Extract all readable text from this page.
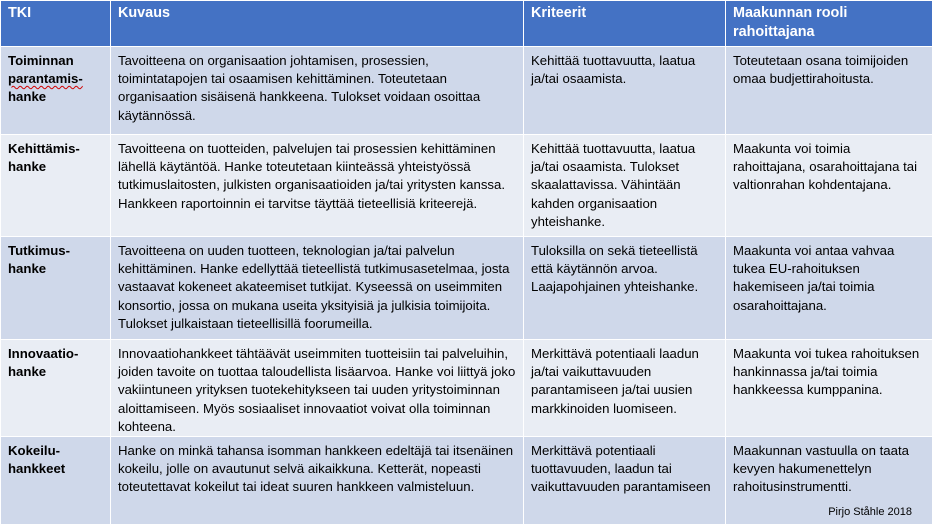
TKI	Kuvaus	Kriteerit	Maakunnan rooli rahoittajana

Toiminnan
parantamis-
hanke	Tavoitteena on organisaation johtamisen, prosessien, toimintatapojen tai osaamisen kehittäminen. Toteutetaan organisaation sisäisenä hankkeena. Tulokset voidaan osoittaa käytännössä.	Kehittää tuottavuutta, laatua ja/tai osaamista.	Toteutetaan osana toimijoiden omaa budjettirahoitusta.

Kehittämis-
hanke	Tavoitteena on tuotteiden, palvelujen tai prosessien kehittäminen lähellä käytäntöä. Hanke toteutetaan kiinteässä yhteistyössä tutkimuslaitosten, julkisten organisaatioiden ja/tai yritysten kanssa. Hankkeen raportoinnin ei tarvitse täyttää tieteellisiä kriteerejä.	Kehittää tuottavuutta, laatua ja/tai osaamista. Tulokset skaalattavissa. Vähintään kahden organisaation yhteishanke.	Maakunta voi toimia rahoittajana, osarahoittajana tai valtionrahan kohdentajana.

Tutkimus-
hanke	Tavoitteena on uuden tuotteen, teknologian ja/tai palvelun kehittäminen. Hanke edellyttää tieteellistä tutkimusasetelmaa, josta vastaavat kokeneet akateemiset tutkijat. Kyseessä on useimmiten konsortio, jossa on mukana useita yksityisiä ja julkisia toimijoita. Tulokset julkaistaan tieteellisillä foorumeilla.	Tuloksilla on sekä tieteellistä että käytännön arvoa. Laajapohjainen yhteishanke.	Maakunta voi antaa vahvaa tukea EU-rahoituksen hakemiseen ja/tai toimia osarahoittajana.

Innovaatio-
hanke	Innovaatiohankkeet tähtäävät useimmiten tuotteisiin tai palveluihin, joiden tavoite on tuottaa taloudellista lisäarvoa. Hanke voi liittyä joko vakiintuneen yrityksen tuotekehitykseen tai uuden yritystoiminnan aloittamiseen. Myös sosiaaliset innovaatiot voivat olla toiminnan kohteena.	Merkittävä potentiaali laadun ja/tai vaikuttavuuden parantamiseen ja/tai uusien markkinoiden luomiseen.	Maakunta voi tukea rahoituksen hankinnassa ja/tai toimia hankkeessa kumppanina.

Kokeilu-
hankkeet	Hanke on minkä tahansa isomman hankkeen edeltäjä tai itsenäinen kokeilu, jolle on avautunut selvä aikaikkuna. Ketterät, nopeasti toteutettavat kokeilut tai ideat suuren hankkeen valmisteluun.	Merkittävä potentiaali tuottavuuden, laadun tai vaikuttavuuden parantamiseen	Maakunnan vastuulla on taata kevyen hakumenettelyn rahoitusinstrumentti.
Pirjo Ståhle 2018
